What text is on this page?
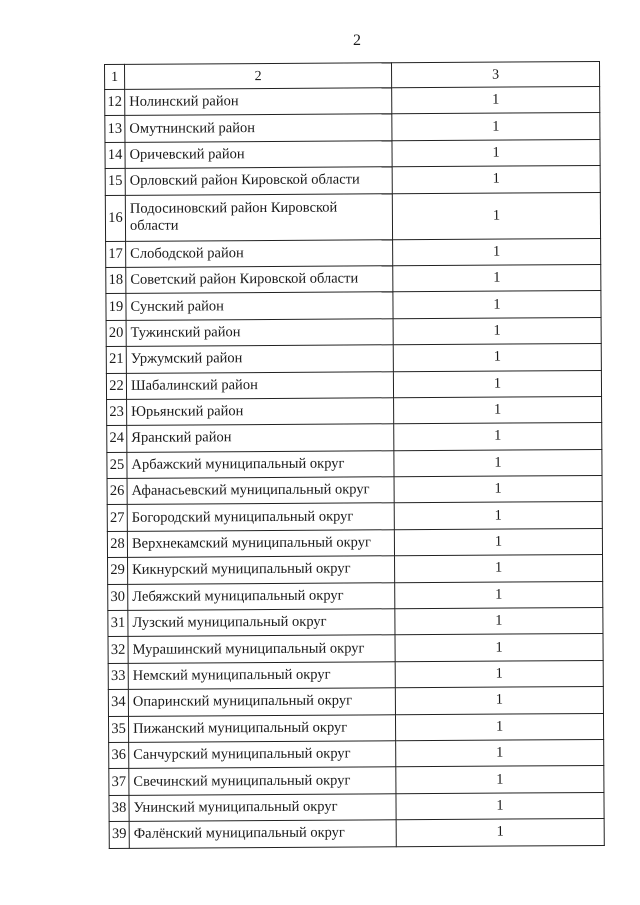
2
1	2	3
12	Нолинский район	1
13	Омутнинский район	1
14	Оричевский район	1
15	Орловский район Кировской области	1
16	Подосиновский район Кировской области	1
17	Слободской район	1
18	Советский район Кировской области	1
19	Сунский район	1
20	Тужинский район	1
21	Уржумский район	1
22	Шабалинский район	1
23	Юрьянский район	1
24	Яранский район	1
25	Арбажский муниципальный округ	1
26	Афанасьевский муниципальный округ	1
27	Богородский муниципальный округ	1
28	Верхнекамский муниципальный округ	1
29	Кикнурский муниципальный округ	1
30	Лебяжский муниципальный округ	1
31	Лузский муниципальный округ	1
32	Мурашинский муниципальный округ	1
33	Немский муниципальный округ	1
34	Опаринский муниципальный округ	1
35	Пижанский муниципальный округ	1
36	Санчурский муниципальный округ	1
37	Свечинский муниципальный округ	1
38	Унинский муниципальный округ	1
39	Фалёнский муниципальный округ	1
